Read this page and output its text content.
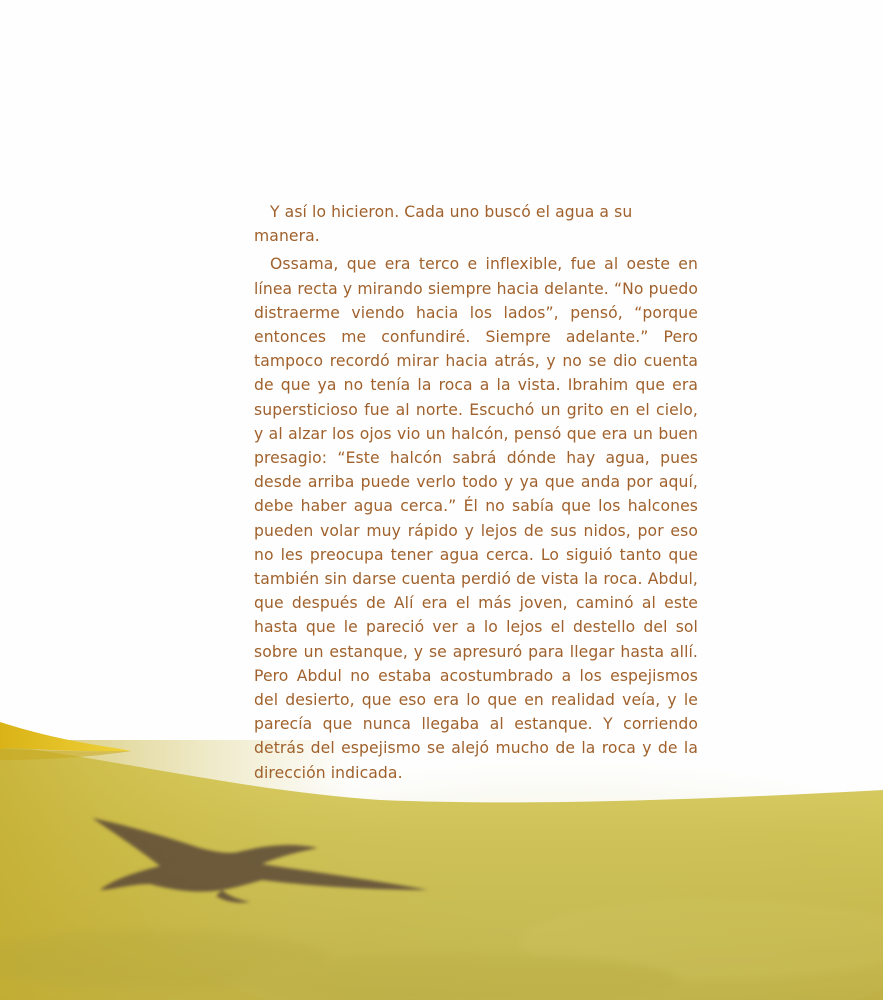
Y así lo hicieron. Cada uno buscó el agua a su manera.

Ossama, que era terco e inflexible, fue al oeste en línea recta y mirando siempre hacia delante. “No puedo distraerme viendo hacia los lados”, pensó, “porque entonces me confundiré. Siempre adelante.” Pero tampoco recordó mirar hacia atrás, y no se dio cuenta de que ya no tenía la roca a la vista. Ibrahim que era supersticioso fue al norte. Escuchó un grito en el cielo, y al alzar los ojos vio un halcón, pensó que era un buen presagio: “Este halcón sabrá dónde hay agua, pues desde arriba puede verlo todo y ya que anda por aquí, debe haber agua cerca.” Él no sabía que los halcones pueden volar muy rápido y lejos de sus nidos, por eso no les preocupa tener agua cerca. Lo siguió tanto que también sin darse cuenta perdió de vista la roca. Abdul, que después de Alí era el más joven, caminó al este hasta que le pareció ver a lo lejos el destello del sol sobre un estanque, y se apresuró para llegar hasta allí. Pero Abdul no estaba acostumbrado a los espejismos del desierto, que eso era lo que en realidad veía, y le parecía que nunca llegaba al estanque. Y corriendo detrás del espejismo se alejó mucho de la roca y de la dirección indicada.
